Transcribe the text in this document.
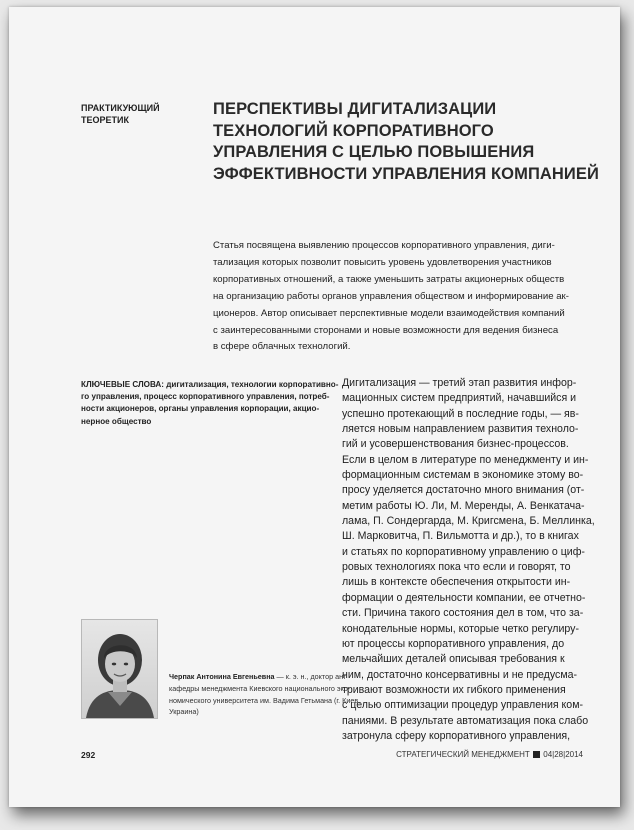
ПРАКТИКУЮЩИЙ
ТЕОРЕТИК
ПЕРСПЕКТИВЫ ДИГИТАЛИЗАЦИИ
ТЕХНОЛОГИЙ КОРПОРАТИВНОГО
УПРАВЛЕНИЯ С ЦЕЛЬЮ ПОВЫШЕНИЯ
ЭФФЕКТИВНОСТИ УПРАВЛЕНИЯ КОМПАНИЕЙ
Статья посвящена выявлению процессов корпоративного управления, диги-
тализация которых позволит повысить уровень удовлетворения участников
корпоративных отношений, а также уменьшить затраты акционерных обществ
на организацию работы органов управления обществом и информирование ак-
ционеров. Автор описывает перспективные модели взаимодействия компаний
с заинтересованными сторонами и новые возможности для ведения бизнеса
в сфере облачных технологий.
КЛЮЧЕВЫЕ СЛОВА: дигитализация, технологии корпоративно-
го управления, процесс корпоративного управления, потреб-
ности акционеров, органы управления корпорации, акцио-
нерное общество
Дигитализация — третий этап развития инфор-
мационных систем предприятий, начавшийся и
успешно протекающий в последние годы, — яв-
ляется новым направлением развития техноло-
гий и усовершенствования бизнес-процессов.
Если в целом в литературе по менеджменту и ин-
формационным системам в экономике этому во-
просу уделяется достаточно много внимания (от-
метим работы Ю. Ли, М. Меренды, А. Венкатача-
лама, П. Сондергарда, М. Кригсмена, Б. Меллинка,
Ш. Марковитча, П. Вильмотта и др.), то в книгах
и статьях по корпоративному управлению о циф-
ровых технологиях пока что если и говорят, то
лишь в контексте обеспечения открытости ин-
формации о деятельности компании, ее отчетно-
сти. Причина такого состояния дел в том, что за-
конодательные нормы, которые четко регулиру-
ют процессы корпоративного управления, до
мельчайших деталей описывая требования к
ним, достаточно консервативны и не предусма-
тривают возможности их гибкого применения
с целью оптимизации процедур управления ком-
паниями. В результате автоматизация пока слабо
затронула сферу корпоративного управления,
Черпак Антонина Евгеньевна — к. э. н., доктор ант
кафедры менеджмента Киевского национального эко-
номического университета им. Вадима Гетьмана (г. Киев,
Украина)
292	СТРАТЕГИЧЕСКИЙ МЕНЕДЖМЕНТ 04|28|2014
